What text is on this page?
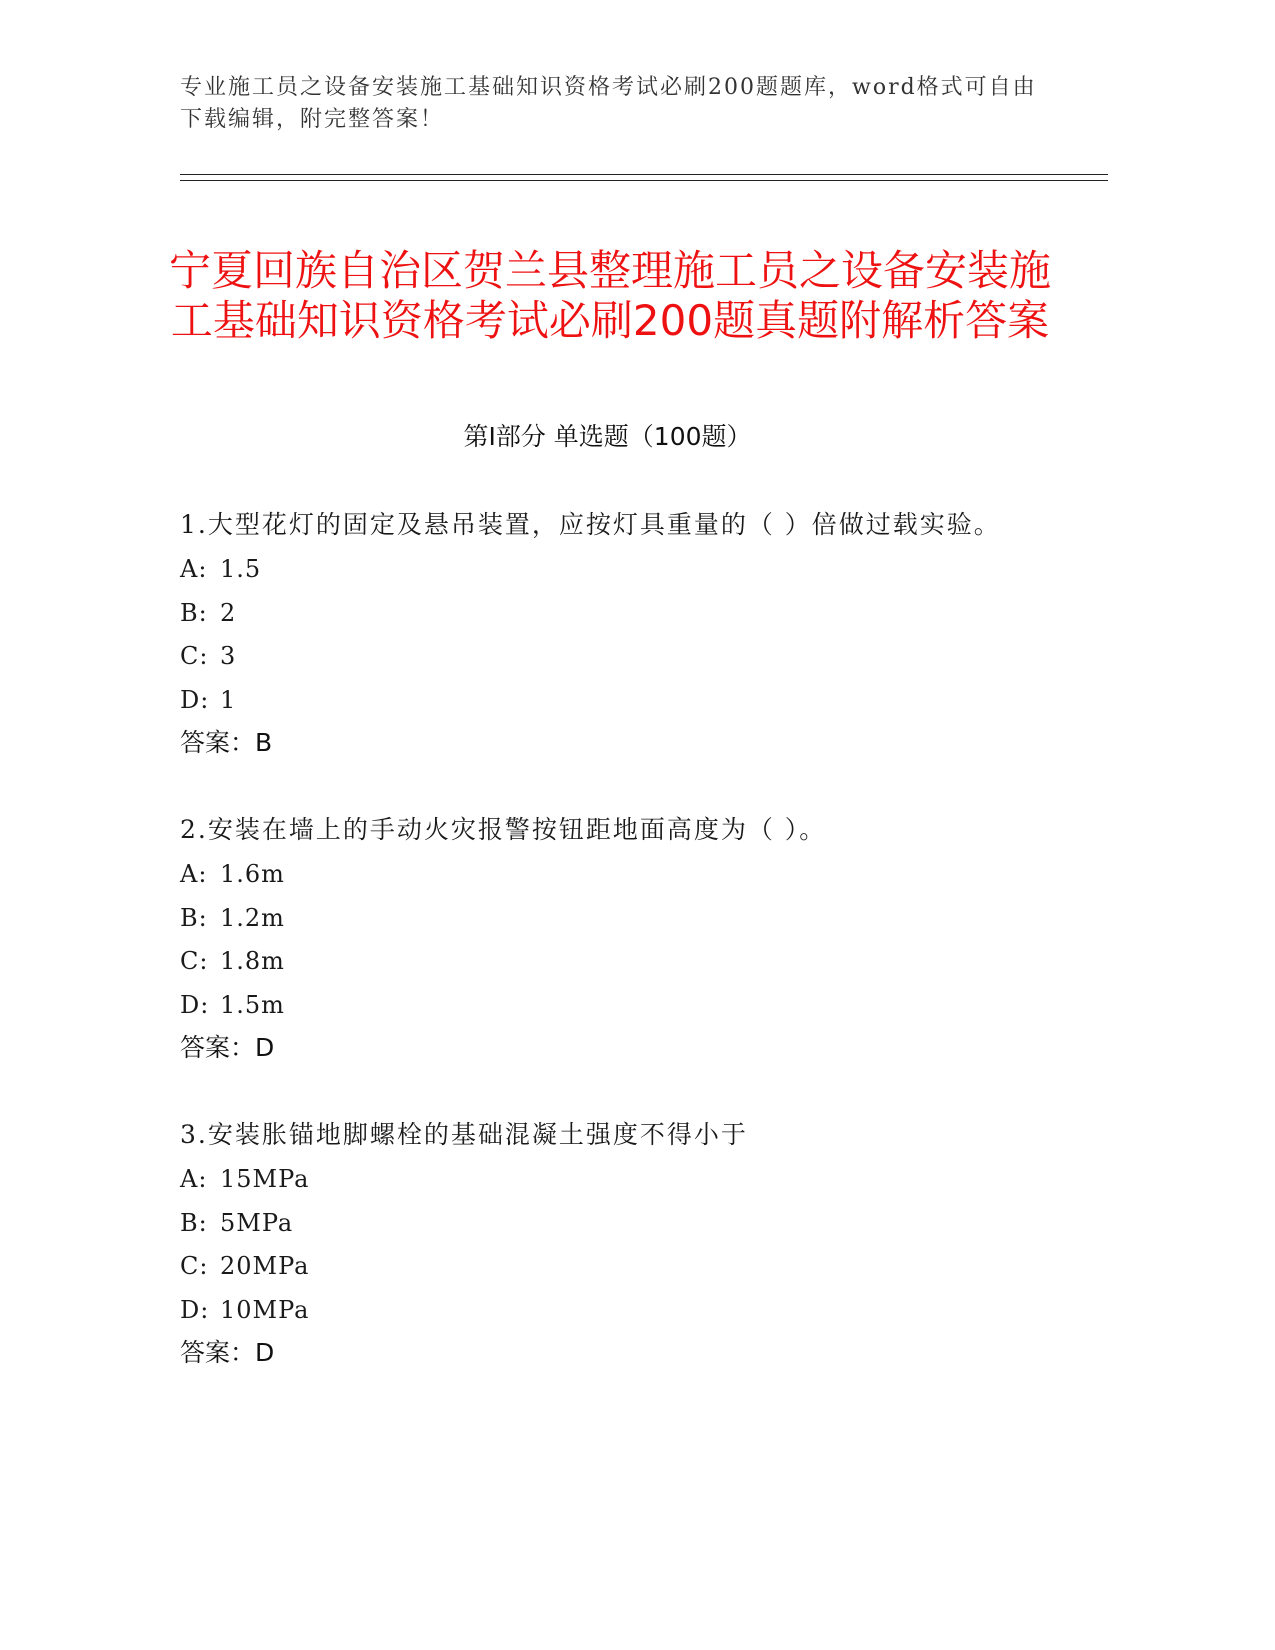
专业施工员之设备安装施工基础知识资格考试必刷200题题库，word格式可自由下载编辑，附完整答案！
宁夏回族自治区贺兰县整理施工员之设备安装施工基础知识资格考试必刷200题真题附解析答案
第Ⅰ部分 单选题（100题）
1.大型花灯的固定及悬吊装置，应按灯具重量的（ ）倍做过载实验。
A: 1.5
B: 2
C: 3
D: 1
答案：B
2.安装在墙上的手动火灾报警按钮距地面高度为（ ）。
A: 1.6m
B: 1.2m
C: 1.8m
D: 1.5m
答案：D
3.安装胀锚地脚螺栓的基础混凝土强度不得小于
A: 15MPa
B: 5MPa
C: 20MPa
D: 10MPa
答案：D
